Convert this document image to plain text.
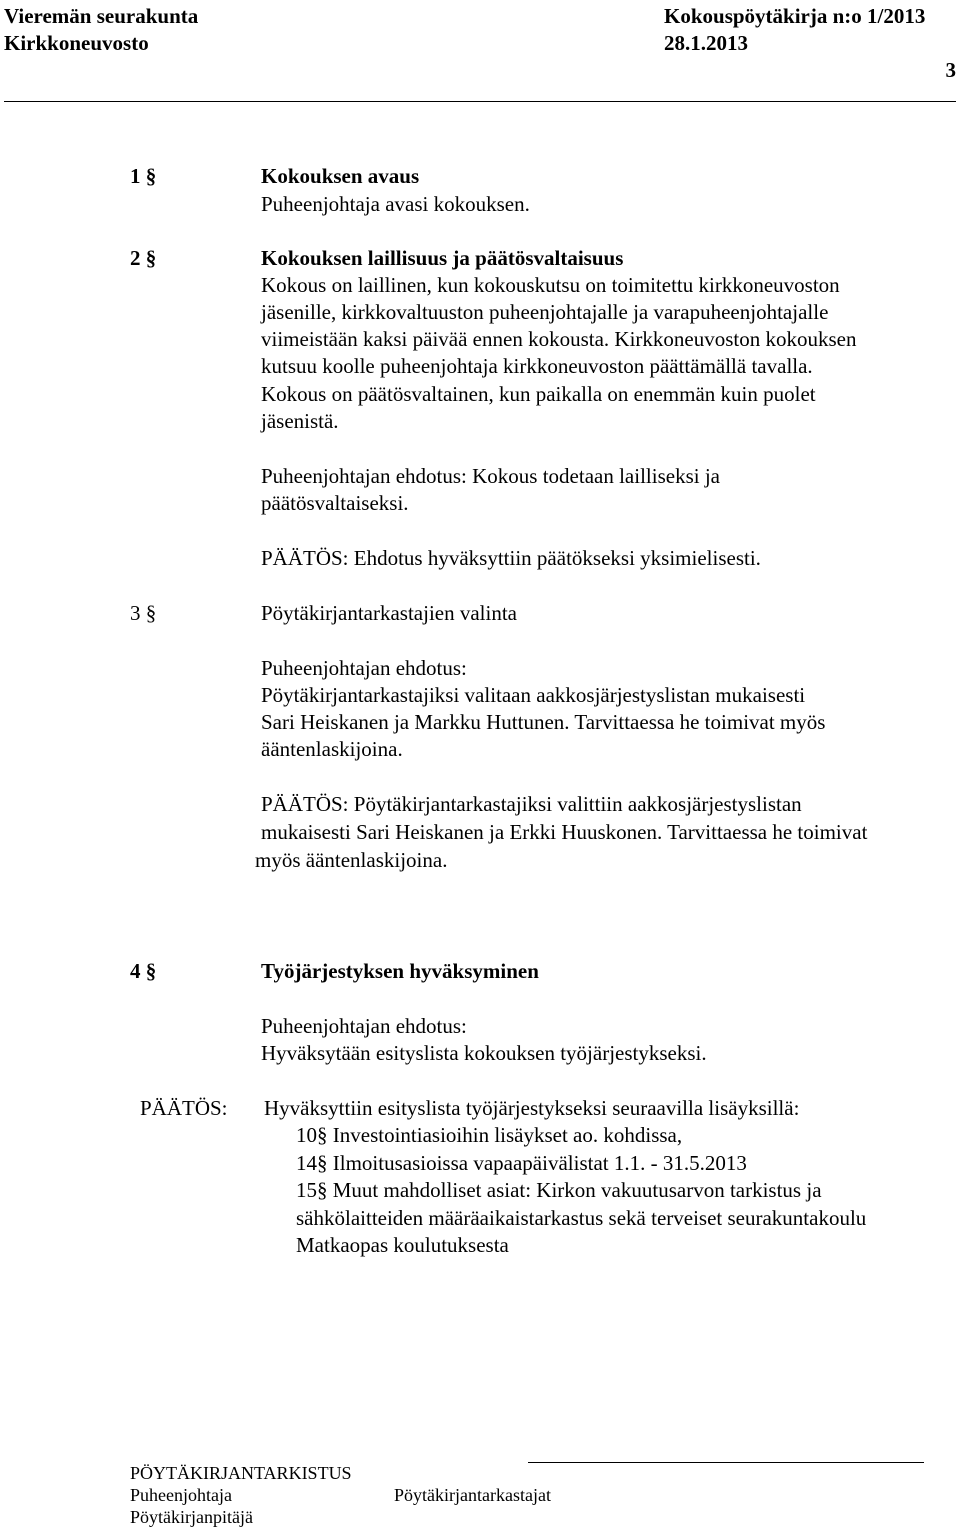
Vieremän seurakunta
Kirkkoneuvosto
Kokouspöytäkirja n:o 1/2013
28.1.2013
3
1 §	Kokouksen avaus
Puheenjohtaja avasi kokouksen.
2 §	Kokouksen laillisuus ja päätösvaltaisuus
Kokous on laillinen, kun kokouskutsu on toimitettu kirkkoneuvoston
jäsenille, kirkkovaltuuston puheenjohtajalle ja varapuheenjohtajalle
viimeistään kaksi päivää ennen kokousta. Kirkkoneuvoston kokouksen
kutsuu koolle puheenjohtaja kirkkoneuvoston päättämällä tavalla.
Kokous on päätösvaltainen, kun paikalla on enemmän kuin puolet
jäsenistä.
Puheenjohtajan ehdotus: Kokous todetaan lailliseksi ja
päätösvaltaiseksi.
PÄÄTÖS: Ehdotus hyväksyttiin päätökseksi yksimielisesti.
3 §	Pöytäkirjantarkastajien valinta
Puheenjohtajan ehdotus:
Pöytäkirjantarkastajiksi valitaan aakkosjärjestyslistan mukaisesti
Sari Heiskanen ja Markku Huttunen. Tarvittaessa he toimivat myös
ääntenlaskijoina.
PÄÄTÖS: Pöytäkirjantarkastajiksi valittiin aakkosjärjestyslistan
mukaisesti Sari Heiskanen ja Erkki Huuskonen. Tarvittaessa he toimivat
myös ääntenlaskijoina.
4 §	Työjärjestyksen hyväksyminen
Puheenjohtajan ehdotus:
Hyväksytään esityslista kokouksen työjärjestykseksi.
PÄÄTÖS: Hyväksyttiin esityslista työjärjestykseksi seuraavilla lisäyksillä:
10§ Investointiasioihin lisäykset ao. kohdissa,
14§ Ilmoitusasioissa vapaapäivälistat 1.1. - 31.5.2013
15§ Muut mahdolliset asiat: Kirkon vakuutusarvon tarkistus ja
sähkölaitteiden määräaikaistarkastus sekä terveiset seurakuntakoulu
Matkaopas koulutuksesta
PÖYTÄKIRJANTARKISTUS
Puheenjohtaja	Pöytäkirjantarkastajat
Pöytäkirjanpitäjä
